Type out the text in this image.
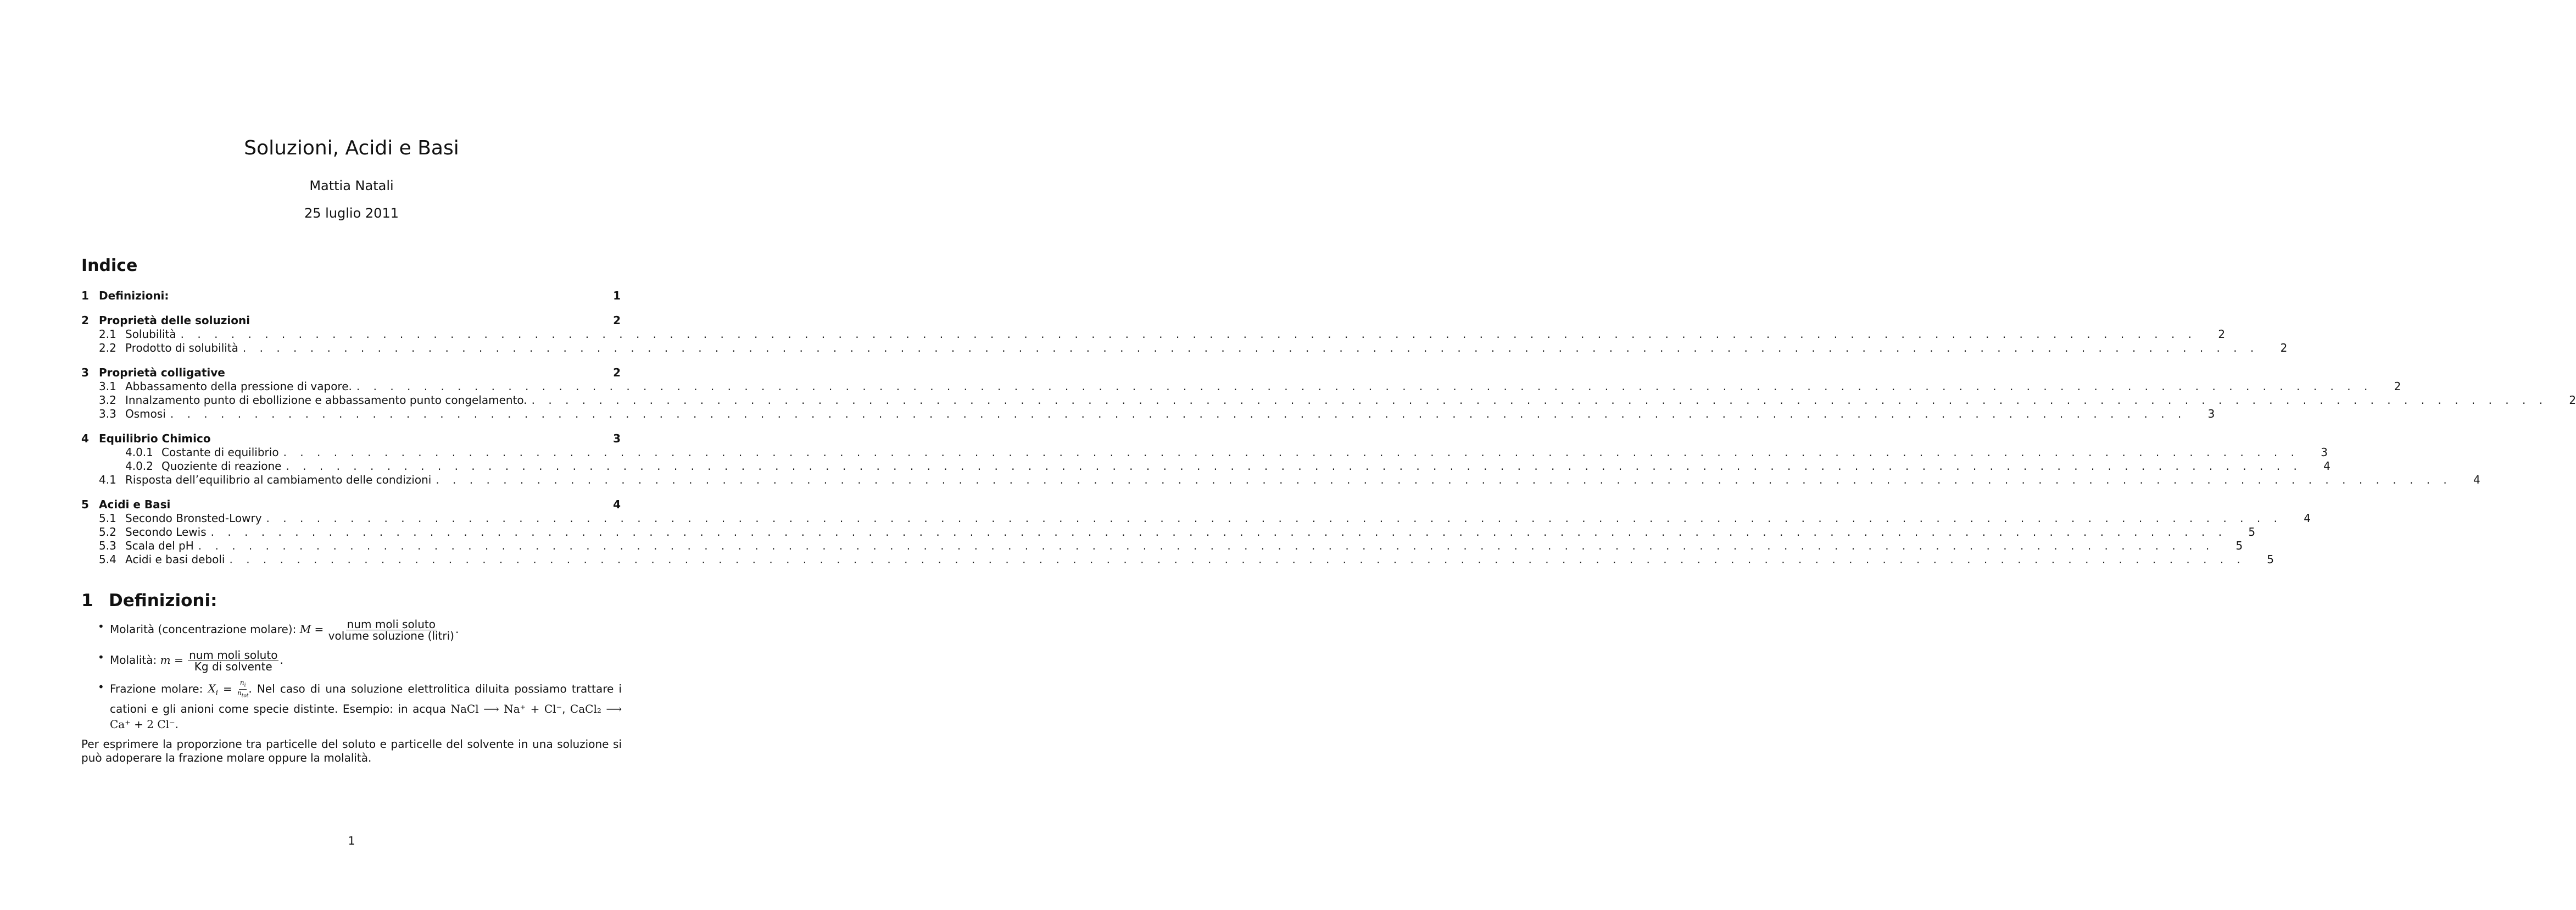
Soluzioni, Acidi e Basi
Mattia Natali
25 luglio 2011
Indice
1 Definizioni:	1
2 Proprietà delle soluzioni	2
2.1 Solubilità . . . . . . . . . . . . . . . . . . . . . . . . . . . . . . . . . . . . . . . . . . . . . . . . . . . . . . . . . . . . . . . . . . . . . . . . . . . . . . . . . . . . . . . . . . . . . . . . . . . . . . . . . . . . . . . . . . . . . . . .	2
2.2 Prodotto di solubilità . . . . . . . . . . . . . . . . . . . . . . . . . . . . . . . . . . . . . . . . . . . . . . . . . . . . . . . . . . . . . . . . . . . . . . . . . . . . . . . . . . . . . . . . . . . . . . . . . . . . . . . . . . . . . . . . . . . . . . . .	2
3 Proprietà colligative	2
3.1 Abbassamento della pressione di vapore. . . . . . . . . . . . . . . . . . . . . . . . . . . . . . . . . . . . . . . . . . . . . . . . . . . . . . . . . . . . . . . . . . . . . . . . . . . . . . . . . . . . . . . . . . . . . . . . . . . . . . . . . . . . . . . . . . . . . . . . .	2
3.2 Innalzamento punto di ebollizione e abbassamento punto congelamento. . . . . . . . . . . . . . . . . . . . . . . . . . . . . . . . . . . . . . . . . . . . . . . . . . . . . . . . . . . . . . . . . . . . . . . . . . . . . . . . . . . . . . . . . . . . . . . . . . . . . . . . . . . . . . . . . . . . . . . . .	2
3.3 Osmosi . . . . . . . . . . . . . . . . . . . . . . . . . . . . . . . . . . . . . . . . . . . . . . . . . . . . . . . . . . . . . . . . . . . . . . . . . . . . . . . . . . . . . . . . . . . . . . . . . . . . . . . . . . . . . . . . . . . . . . . .	3
4 Equilibrio Chimico	3
4.0.1 Costante di equilibrio . . . . . . . . . . . . . . . . . . . . . . . . . . . . . . . . . . . . . . . . . . . . . . . . . . . . . . . . . . . . . . . . . . . . . . . . . . . . . . . . . . . . . . . . . . . . . . . . . . . . . . . . . . . . . . . . . . . . . . . .	3
4.0.2 Quoziente di reazione . . . . . . . . . . . . . . . . . . . . . . . . . . . . . . . . . . . . . . . . . . . . . . . . . . . . . . . . . . . . . . . . . . . . . . . . . . . . . . . . . . . . . . . . . . . . . . . . . . . . . . . . . . . . . . . . . . . . . . . .	4
4.1 Risposta dell’equilibrio al cambiamento delle condizioni . . . . . . . . . . . . . . . . . . . . . . . . . . . . . . . . . . . . . . . . . . . . . . . . . . . . . . . . . . . . . . . . . . . . . . . . . . . . . . . . . . . . . . . . . . . . . . . . . . . . . . . . . . . . . . . . . . . . . . . .	4
5 Acidi e Basi	4
5.1 Secondo Bronsted-Lowry . . . . . . . . . . . . . . . . . . . . . . . . . . . . . . . . . . . . . . . . . . . . . . . . . . . . . . . . . . . . . . . . . . . . . . . . . . . . . . . . . . . . . . . . . . . . . . . . . . . . . . . . . . . . . . . . . . . . . . . .	4
5.2 Secondo Lewis . . . . . . . . . . . . . . . . . . . . . . . . . . . . . . . . . . . . . . . . . . . . . . . . . . . . . . . . . . . . . . . . . . . . . . . . . . . . . . . . . . . . . . . . . . . . . . . . . . . . . . . . . . . . . . . . . . . . . . . .	5
5.3 Scala del pH . . . . . . . . . . . . . . . . . . . . . . . . . . . . . . . . . . . . . . . . . . . . . . . . . . . . . . . . . . . . . . . . . . . . . . . . . . . . . . . . . . . . . . . . . . . . . . . . . . . . . . . . . . . . . . . . . . . . . . . .	5
5.4 Acidi e basi deboli . . . . . . . . . . . . . . . . . . . . . . . . . . . . . . . . . . . . . . . . . . . . . . . . . . . . . . . . . . . . . . . . . . . . . . . . . . . . . . . . . . . . . . . . . . . . . . . . . . . . . . . . . . . . . . . . . . . . . . . .	5
1 Definizioni:
• Molarità (concentrazione molare): $M = \frac{\text{num moli soluto}}{\text{volume soluzione (litri)}}$ .
• Molalità: $m = \frac{\text{num moli soluto}}{\text{Kg di solvente}}$ .
• Frazione molare: $X_i = n_i$
$n_{tot}$
. Nel caso di una soluzione elettrolitica diluita possiamo trattare i cationi e gli anioni come specie distinte. Esempio: in acqua NaCl ⟶ Na⁺ + Cl⁻, CaCl₂ ⟶ Ca⁺ + 2 Cl⁻.
Per esprimere la proporzione tra particelle del soluto e particelle del solvente in una soluzione si può adoperare la frazione molare oppure la molalità.
1
